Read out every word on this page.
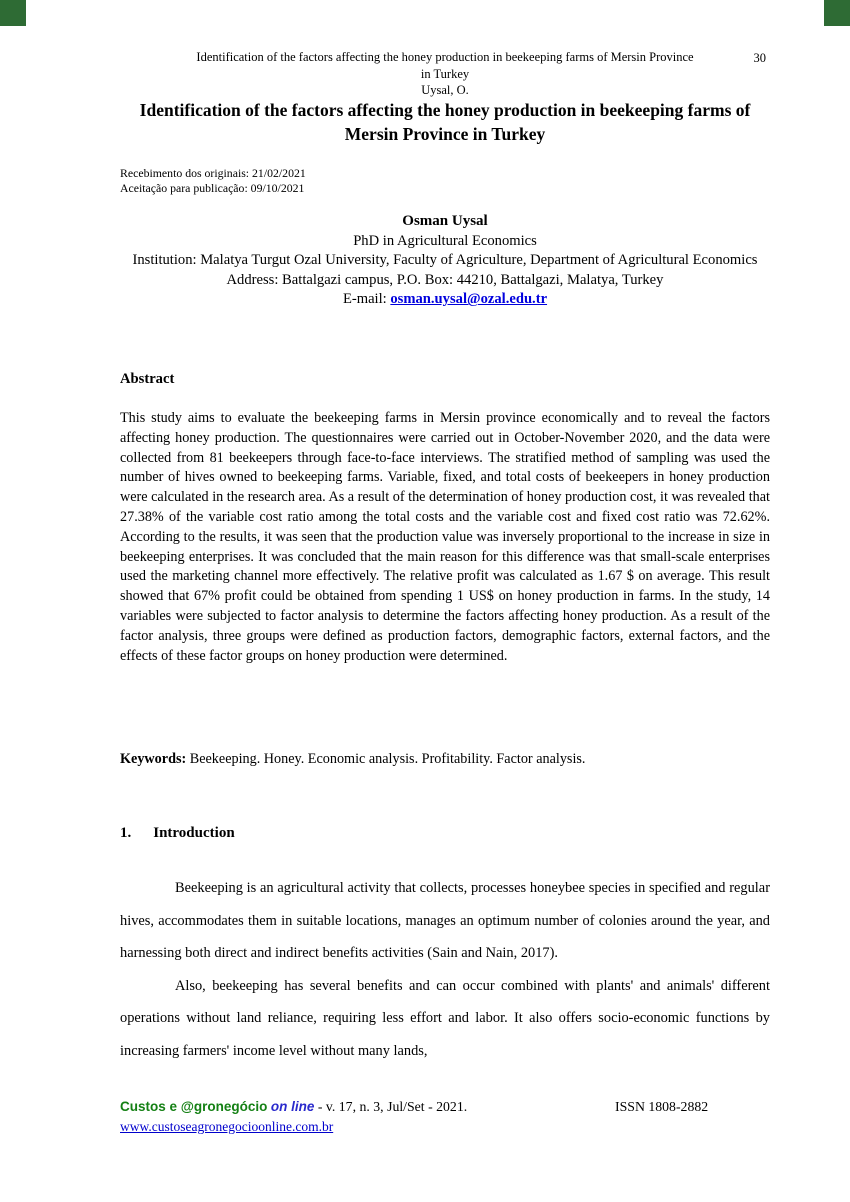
Identification of the factors affecting the honey production in beekeeping farms of Mersin Province
in Turkey
Uysal, O.
30
Identification of the factors affecting the honey production in beekeeping farms of Mersin Province in Turkey
Recebimento dos originais: 21/02/2021
Aceitação para publicação: 09/10/2021
Osman Uysal
PhD in Agricultural Economics
Institution: Malatya Turgut Ozal University, Faculty of Agriculture, Department of Agricultural Economics
Address: Battalgazi campus, P.O. Box: 44210, Battalgazi, Malatya, Turkey
E-mail: osman.uysal@ozal.edu.tr
Abstract
This study aims to evaluate the beekeeping farms in Mersin province economically and to reveal the factors affecting honey production. The questionnaires were carried out in October-November 2020, and the data were collected from 81 beekeepers through face-to-face interviews. The stratified method of sampling was used the number of hives owned to beekeeping farms. Variable, fixed, and total costs of beekeepers in honey production were calculated in the research area. As a result of the determination of honey production cost, it was revealed that 27.38% of the variable cost ratio among the total costs and the variable cost and fixed cost ratio was 72.62%. According to the results, it was seen that the production value was inversely proportional to the increase in size in beekeeping enterprises. It was concluded that the main reason for this difference was that small-scale enterprises used the marketing channel more effectively. The relative profit was calculated as 1.67 $ on average. This result showed that 67% profit could be obtained from spending 1 US$ on honey production in farms. In the study, 14 variables were subjected to factor analysis to determine the factors affecting honey production. As a result of the factor analysis, three groups were defined as production factors, demographic factors, external factors, and the effects of these factor groups on honey production were determined.
Keywords: Beekeeping. Honey. Economic analysis. Profitability. Factor analysis.
1. Introduction

Beekeeping is an agricultural activity that collects, processes honeybee species in specified and regular hives, accommodates them in suitable locations, manages an optimum number of colonies around the year, and harnessing both direct and indirect benefits activities (Sain and Nain, 2017).

Also, beekeeping has several benefits and can occur combined with plants' and animals' different operations without land reliance, requiring less effort and labor. It also offers socio-economic functions by increasing farmers' income level without many lands,

Custos e @gronegócio on line - v. 17, n. 3, Jul/Set - 2021.	ISSN 1808-2882
www.custoseagronegocioonline.com.br
